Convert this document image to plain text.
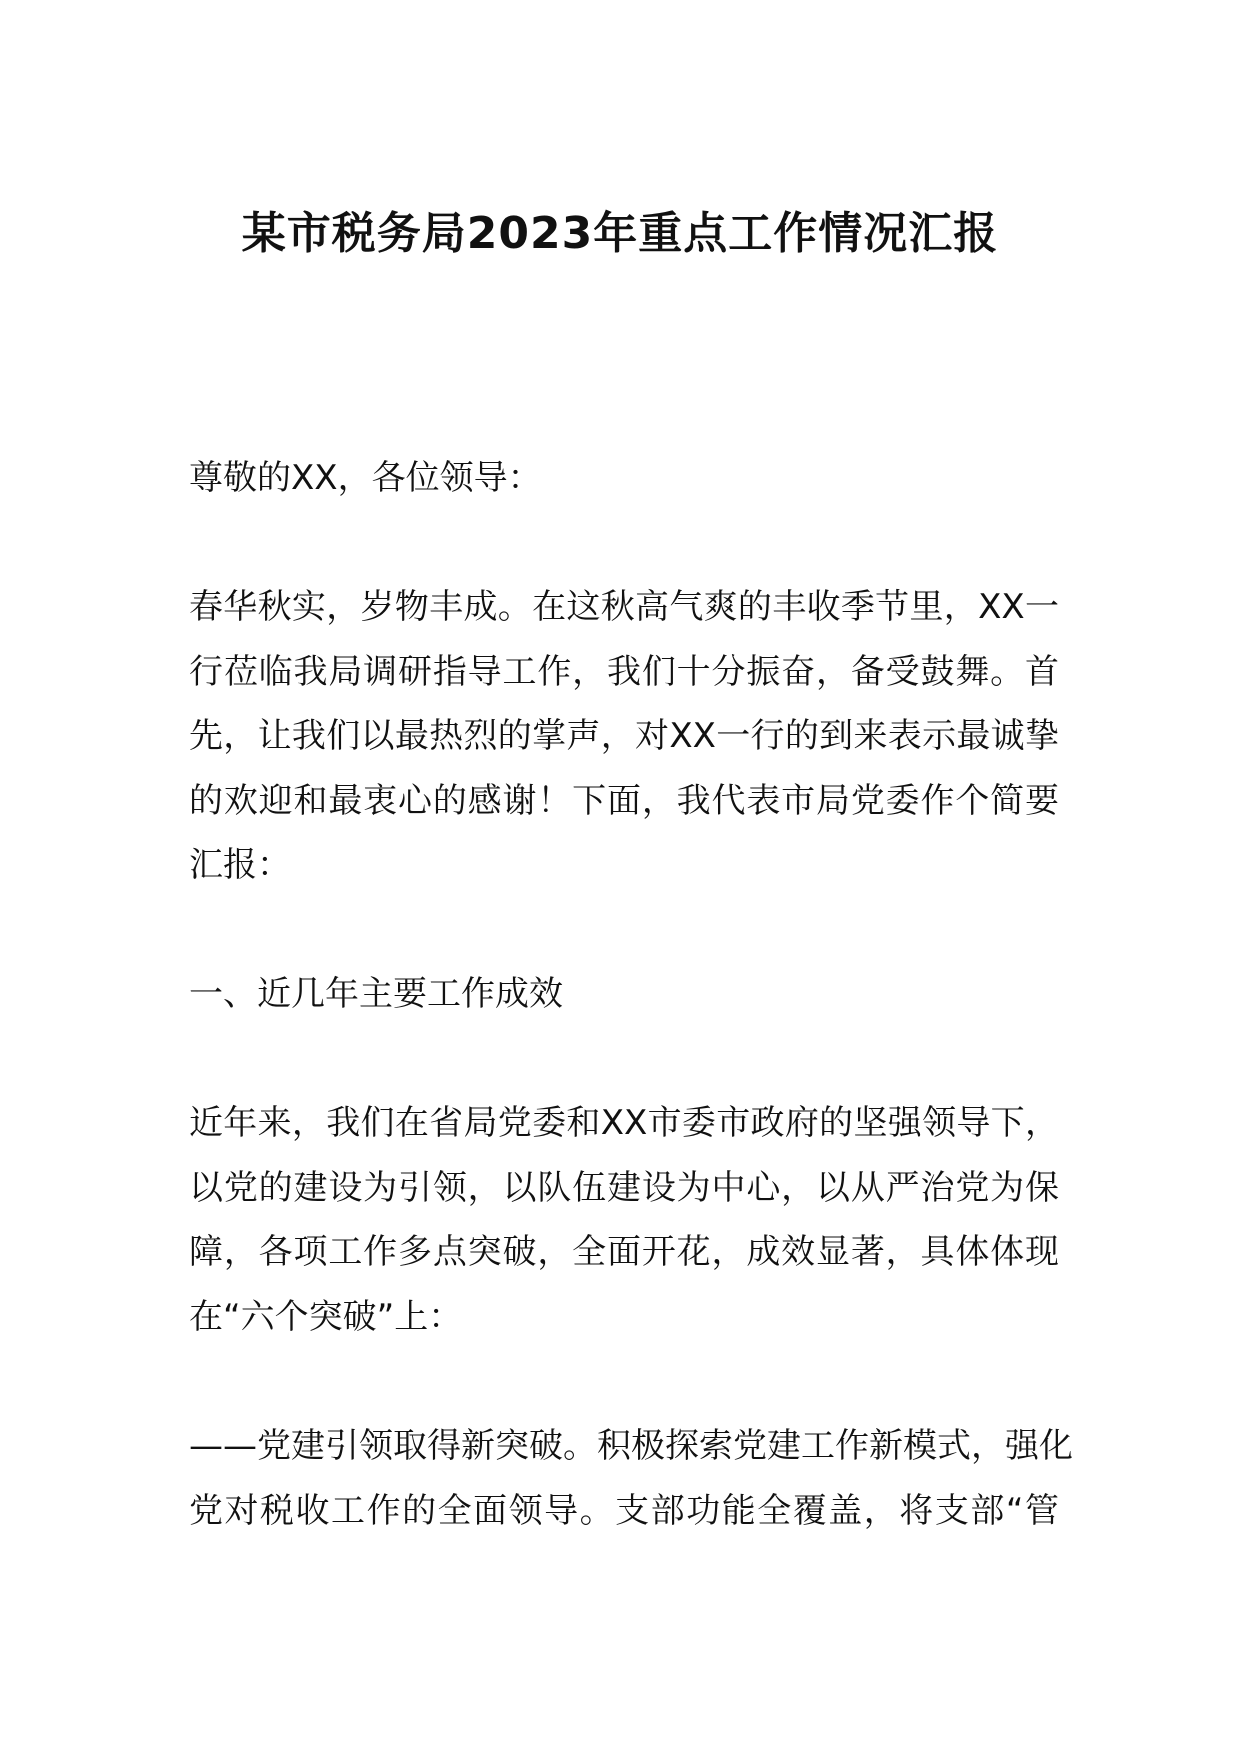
某市税务局2023年重点工作情况汇报

尊敬的XX，各位领导：

春华秋实，岁物丰成。在这秋高气爽的丰收季节里，XX一
行莅临我局调研指导工作，我们十分振奋，备受鼓舞。首
先，让我们以最热烈的掌声，对XX一行的到来表示最诚挚
的欢迎和最衷心的感谢！下面，我代表市局党委作个简要
汇报：

一、近几年主要工作成效

近年来，我们在省局党委和XX市委市政府的坚强领导下，
以党的建设为引领，以队伍建设为中心，以从严治党为保
障，各项工作多点突破，全面开花，成效显著，具体体现
在“六个突破”上：

——党建引领取得新突破。积极探索党建工作新模式，强化
党对税收工作的全面领导。支部功能全覆盖，将支部“管
